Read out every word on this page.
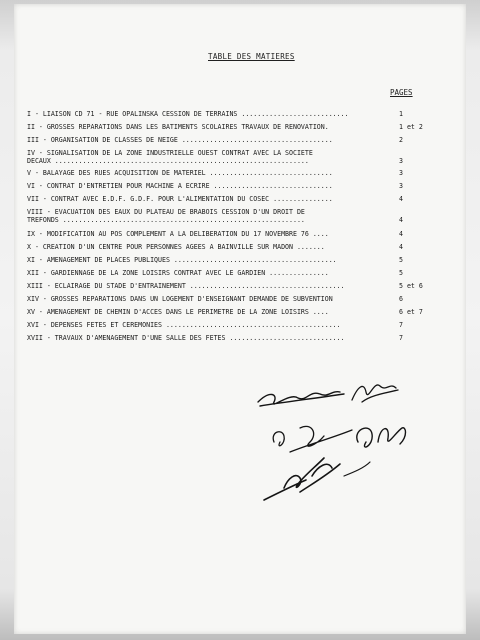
TABLE DES MATIERES
PAGES
I - LIAISON CD 71 - RUE OPALINSKA CESSION DE TERRAINS ...........................	1
II - GROSSES REPARATIONS DANS LES BATIMENTS SCOLAIRES TRAVAUX DE RENOVATION.	1 et 2
III - ORGANISATION DE CLASSES DE NEIGE ......................................	2
IV - SIGNALISATION DE LA ZONE INDUSTRIELLE OUEST CONTRAT AVEC LA SOCIETE
DECAUX ................................................................	3
V - BALAYAGE DES RUES ACQUISITION DE MATERIEL ...............................	3
VI - CONTRAT D'ENTRETIEN POUR MACHINE A ECRIRE ..............................	3
VII - CONTRAT AVEC E.D.F. G.D.F. POUR L'ALIMENTATION DU COSEC ...............	4
VIII - EVACUATION DES EAUX DU PLATEAU DE BRABOIS CESSION D'UN DROIT DE
TREFONDS .............................................................	4
IX - MODIFICATION AU POS COMPLEMENT A LA DELIBERATION DU 17 NOVEMBRE 76 ....	4
X - CREATION D'UN CENTRE POUR PERSONNES AGEES A BAINVILLE SUR MADON .......	4
XI - AMENAGEMENT DE PLACES PUBLIQUES .........................................	5
XII - GARDIENNAGE DE LA ZONE LOISIRS CONTRAT AVEC LE GARDIEN ...............	5
XIII - ECLAIRAGE DU STADE D'ENTRAINEMENT .......................................	5 et 6
XIV - GROSSES REPARATIONS DANS UN LOGEMENT D'ENSEIGNANT DEMANDE DE SUBVENTION	6
XV - AMENAGEMENT DE CHEMIN D'ACCES DANS LE PERIMETRE DE LA ZONE LOISIRS ....	6 et 7
XVI - DEPENSES FETES ET CEREMONIES ............................................	7
XVII - TRAVAUX D'AMENAGEMENT D'UNE SALLE DES FETES .............................	7
